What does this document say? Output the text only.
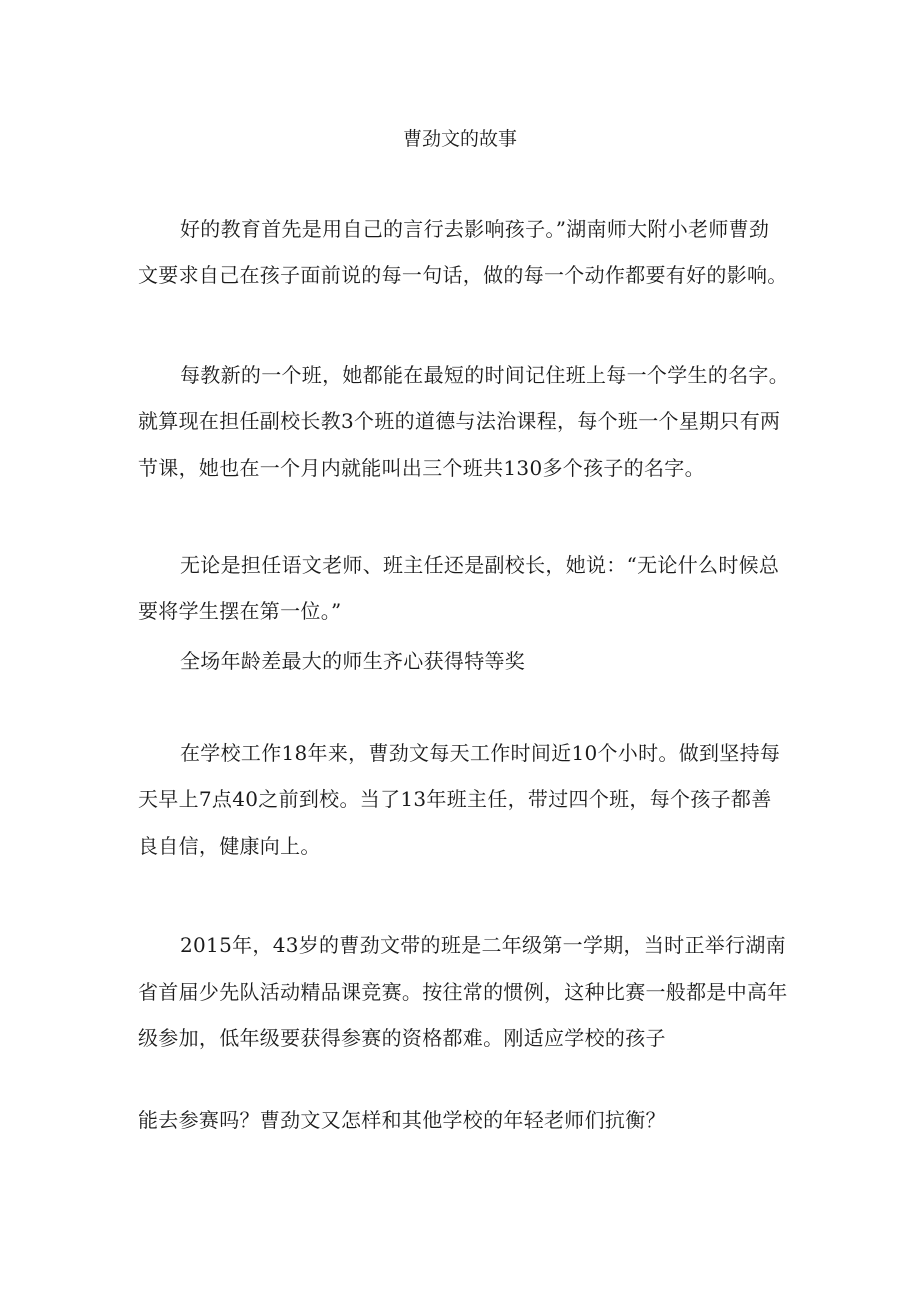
曹劲文的故事
好的教育首先是用自己的言行去影响孩子。”湖南师大附小老师曹劲
文要求自己在孩子面前说的每一句话，做的每一个动作都要有好的影响。
每教新的一个班，她都能在最短的时间记住班上每一个学生的名字。
就算现在担任副校长教3个班的道德与法治课程，每个班一个星期只有两
节课，她也在一个月内就能叫出三个班共130多个孩子的名字。
无论是担任语文老师、班主任还是副校长，她说：“无论什么时候总
要将学生摆在第一位。”
全场年龄差最大的师生齐心获得特等奖
在学校工作18年来，曹劲文每天工作时间近10个小时。做到坚持每
天早上7点40之前到校。当了13年班主任，带过四个班，每个孩子都善
良自信，健康向上。
2015年，43岁的曹劲文带的班是二年级第一学期，当时正举行湖南
省首届少先队活动精品课竞赛。按往常的惯例，这种比赛一般都是中高年
级参加，低年级要获得参赛的资格都难。刚适应学校的孩子
能去参赛吗？曹劲文又怎样和其他学校的年轻老师们抗衡？
